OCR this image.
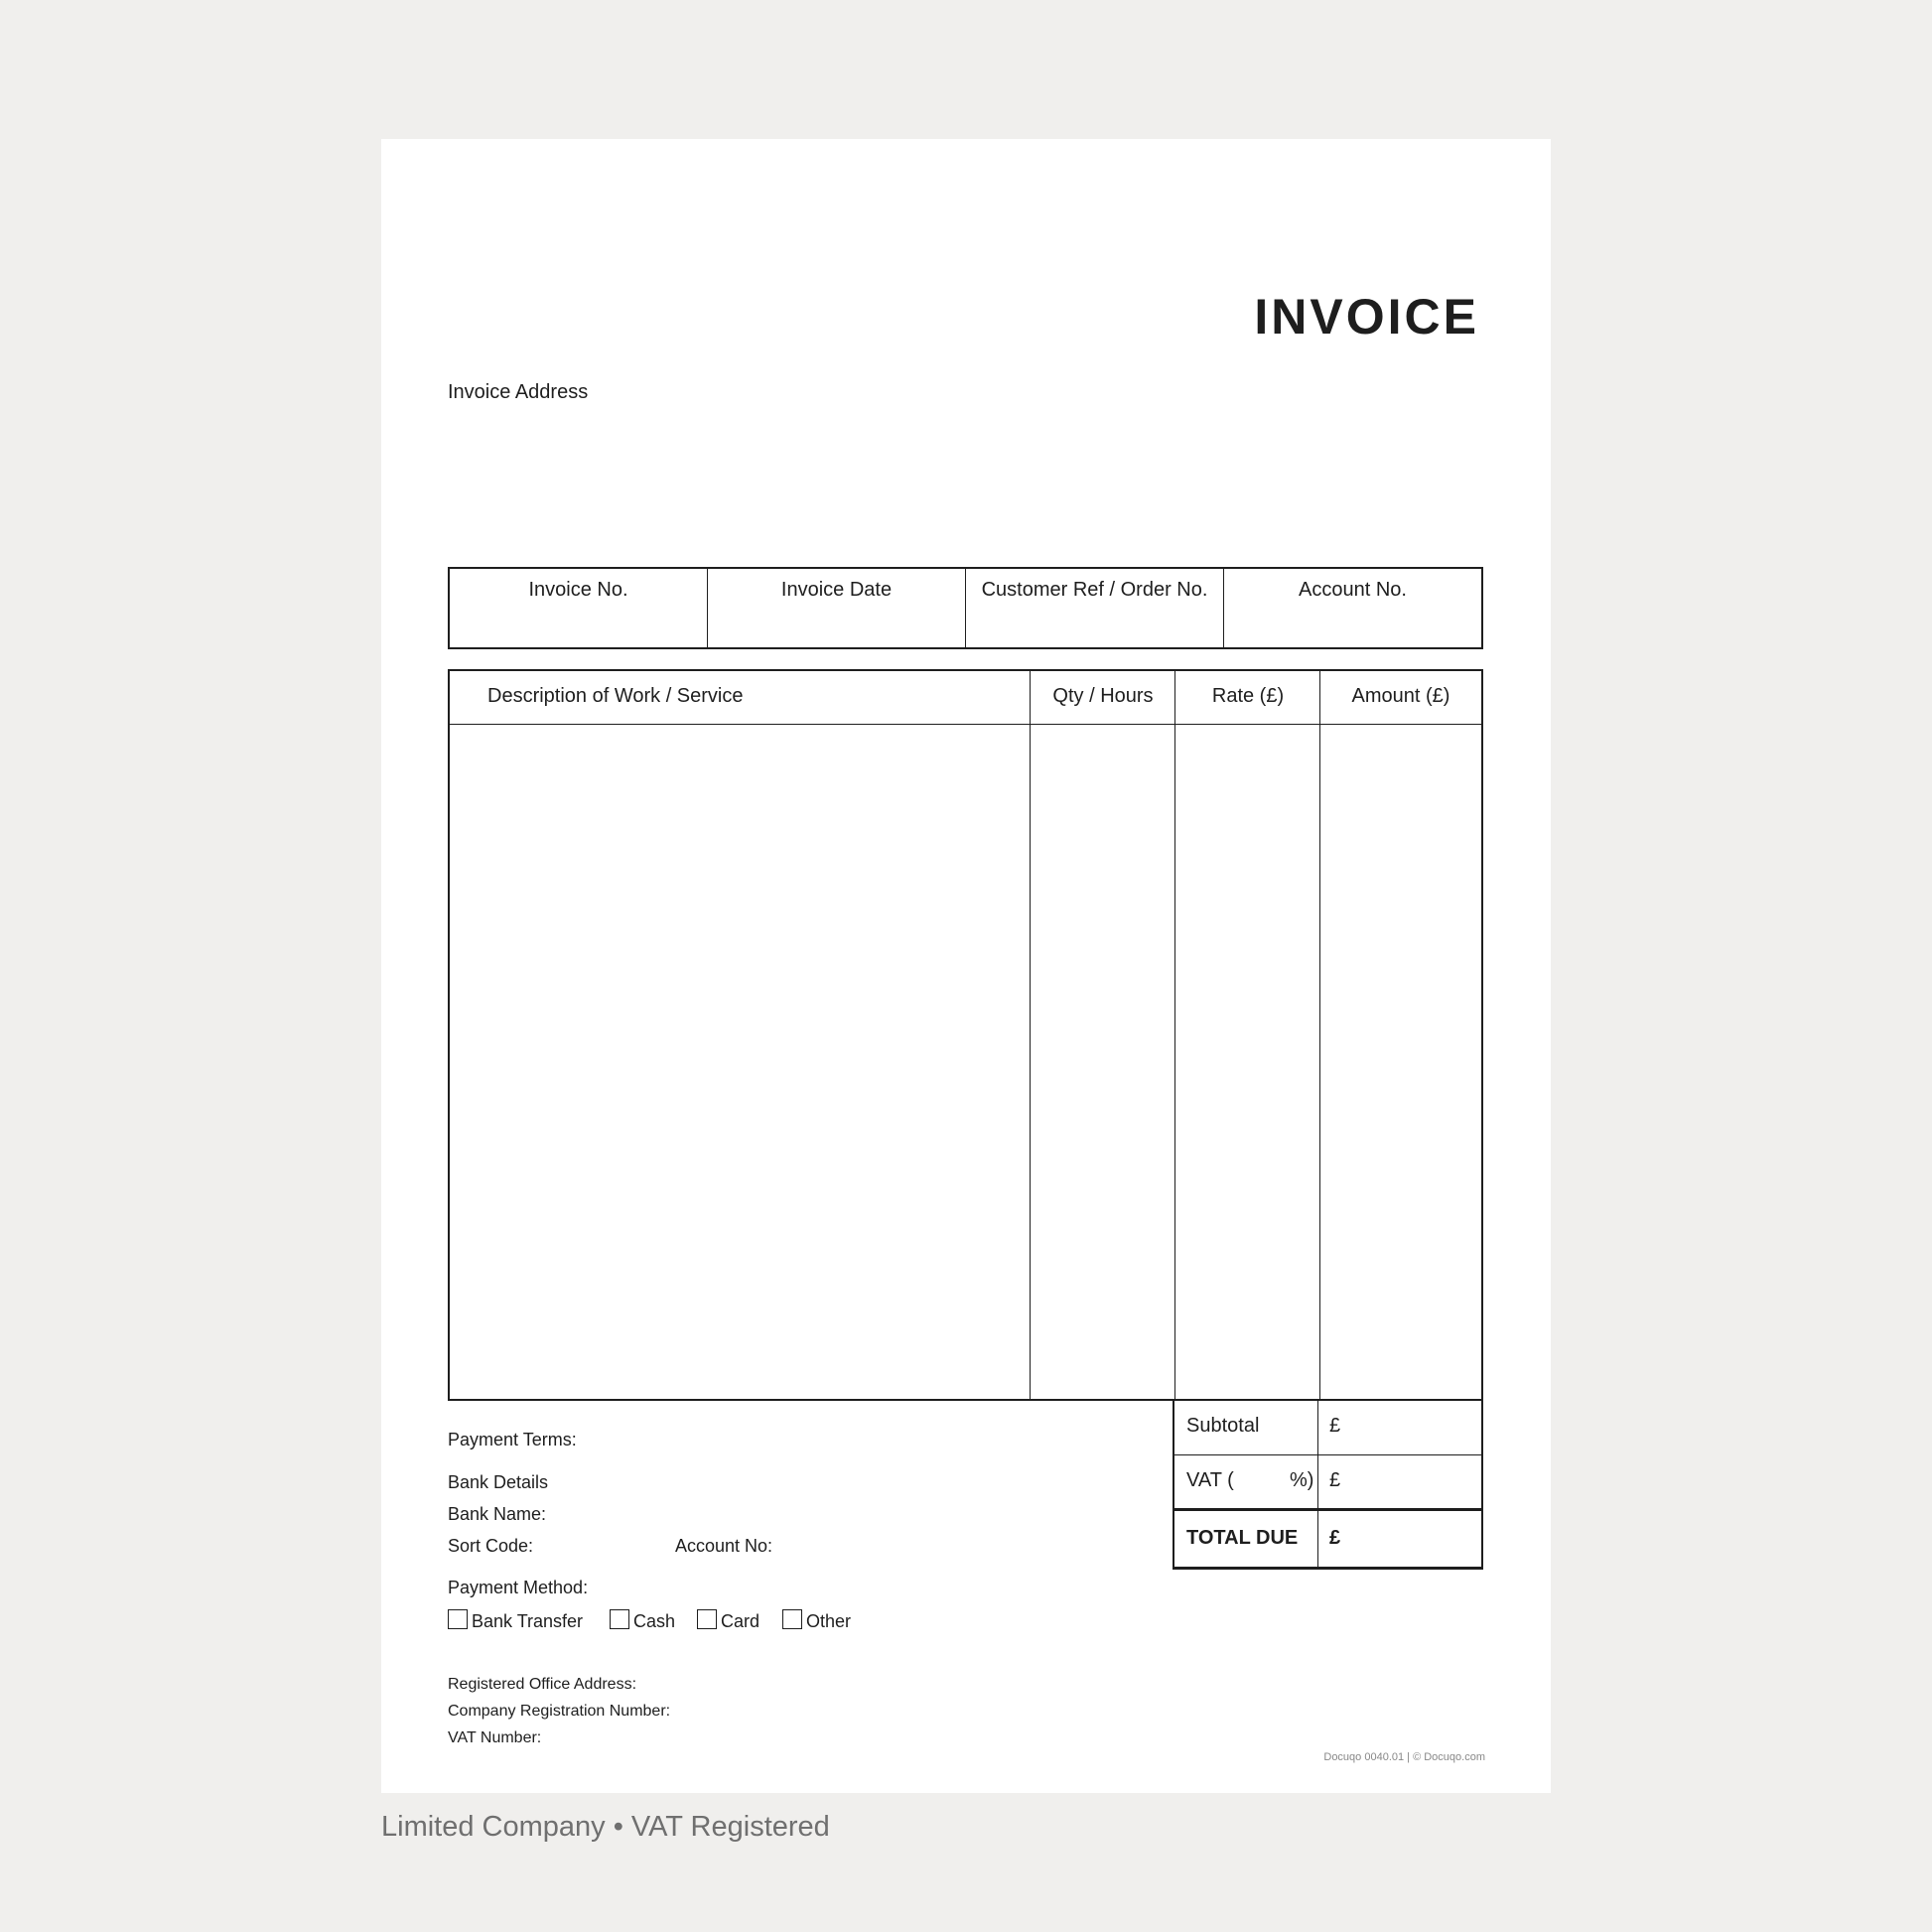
INVOICE
Invoice Address
Invoice No.	Invoice Date	Customer Ref / Order No.	Account No.
Description of Work / Service	Qty / Hours	Rate (£)	Amount (£)
Subtotal	£
VAT (	%) £
TOTAL DUE £
Payment Terms:
Bank Details
Bank Name:
Sort Code:	Account No:
Payment Method:
Bank Transfer	Cash	Card	Other
Registered Office Address:
Company Registration Number:
VAT Number:
Docuqo 0040.01 | © Docuqo.com
Limited Company • VAT Registered
